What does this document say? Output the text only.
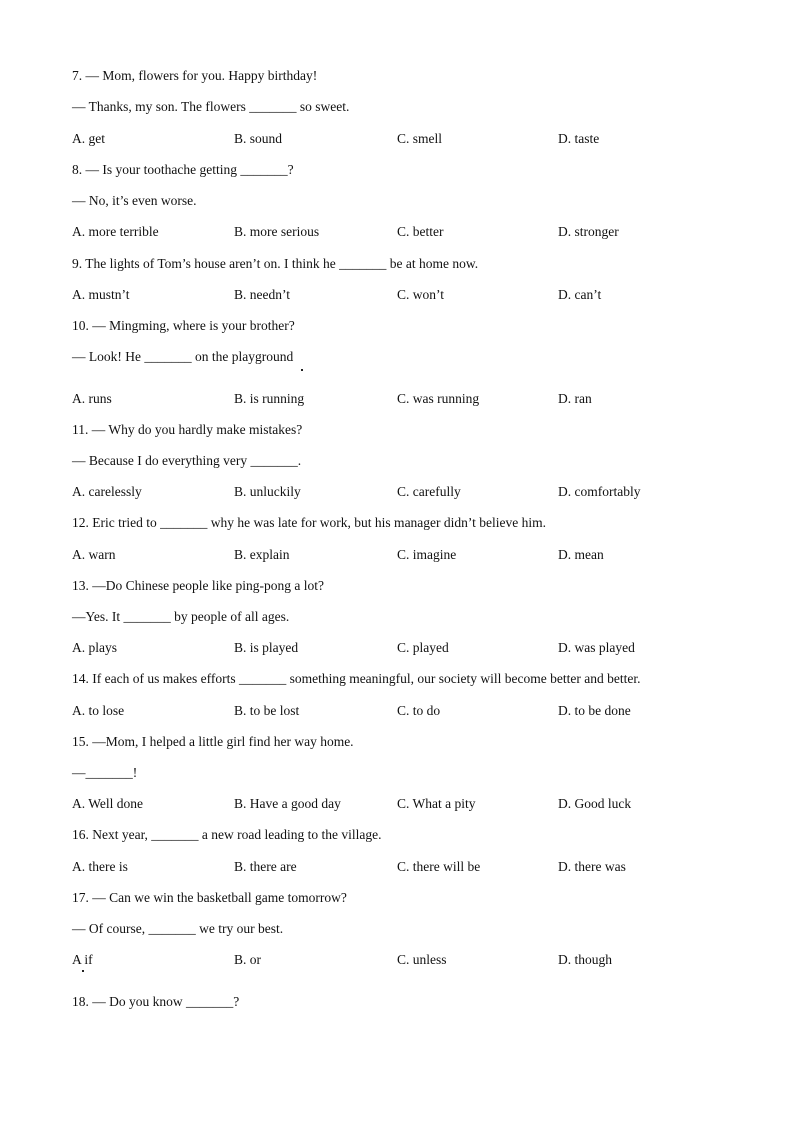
7. — Mom, flowers for you. Happy birthday!
— Thanks, my son. The flowers _______ so sweet.
A. get	B. sound	C. smell	D. taste
8. — Is your toothache getting _______?
— No, it’s even worse.
A. more terrible	B. more serious	C. better	D. stronger
9. The lights of Tom’s house aren’t on. I think he _______ be at home now.
A. mustn’t	B. needn’t	C. won’t	D. can’t
10. — Mingming, where is your brother?
— Look! He _______ on the playground
A. runs	B. is running	C. was running	D. ran
11. — Why do you hardly make mistakes?
— Because I do everything very _______.
A. carelessly	B. unluckily	C. carefully	D. comfortably
12. Eric tried to _______ why he was late for work, but his manager didn’t believe him.
A. warn	B. explain	C. imagine	D. mean
13. —Do Chinese people like ping-pong a lot?
—Yes. It _______ by people of all ages.
A. plays	B. is played	C. played	D. was played
14. If each of us makes efforts _______ something meaningful, our society will become better and better.
A. to lose	B. to be lost	C. to do	D. to be done
15. —Mom, I helped a little girl find her way home.
—_______!
A. Well done	B. Have a good day	C. What a pity	D. Good luck
16. Next year, _______ a new road leading to the village.
A. there is	B. there are	C. there will be	D. there was
17. — Can we win the basketball game tomorrow?
— Of course, _______ we try our best.
A if	B. or	C. unless	D. though
18. — Do you know _______?
